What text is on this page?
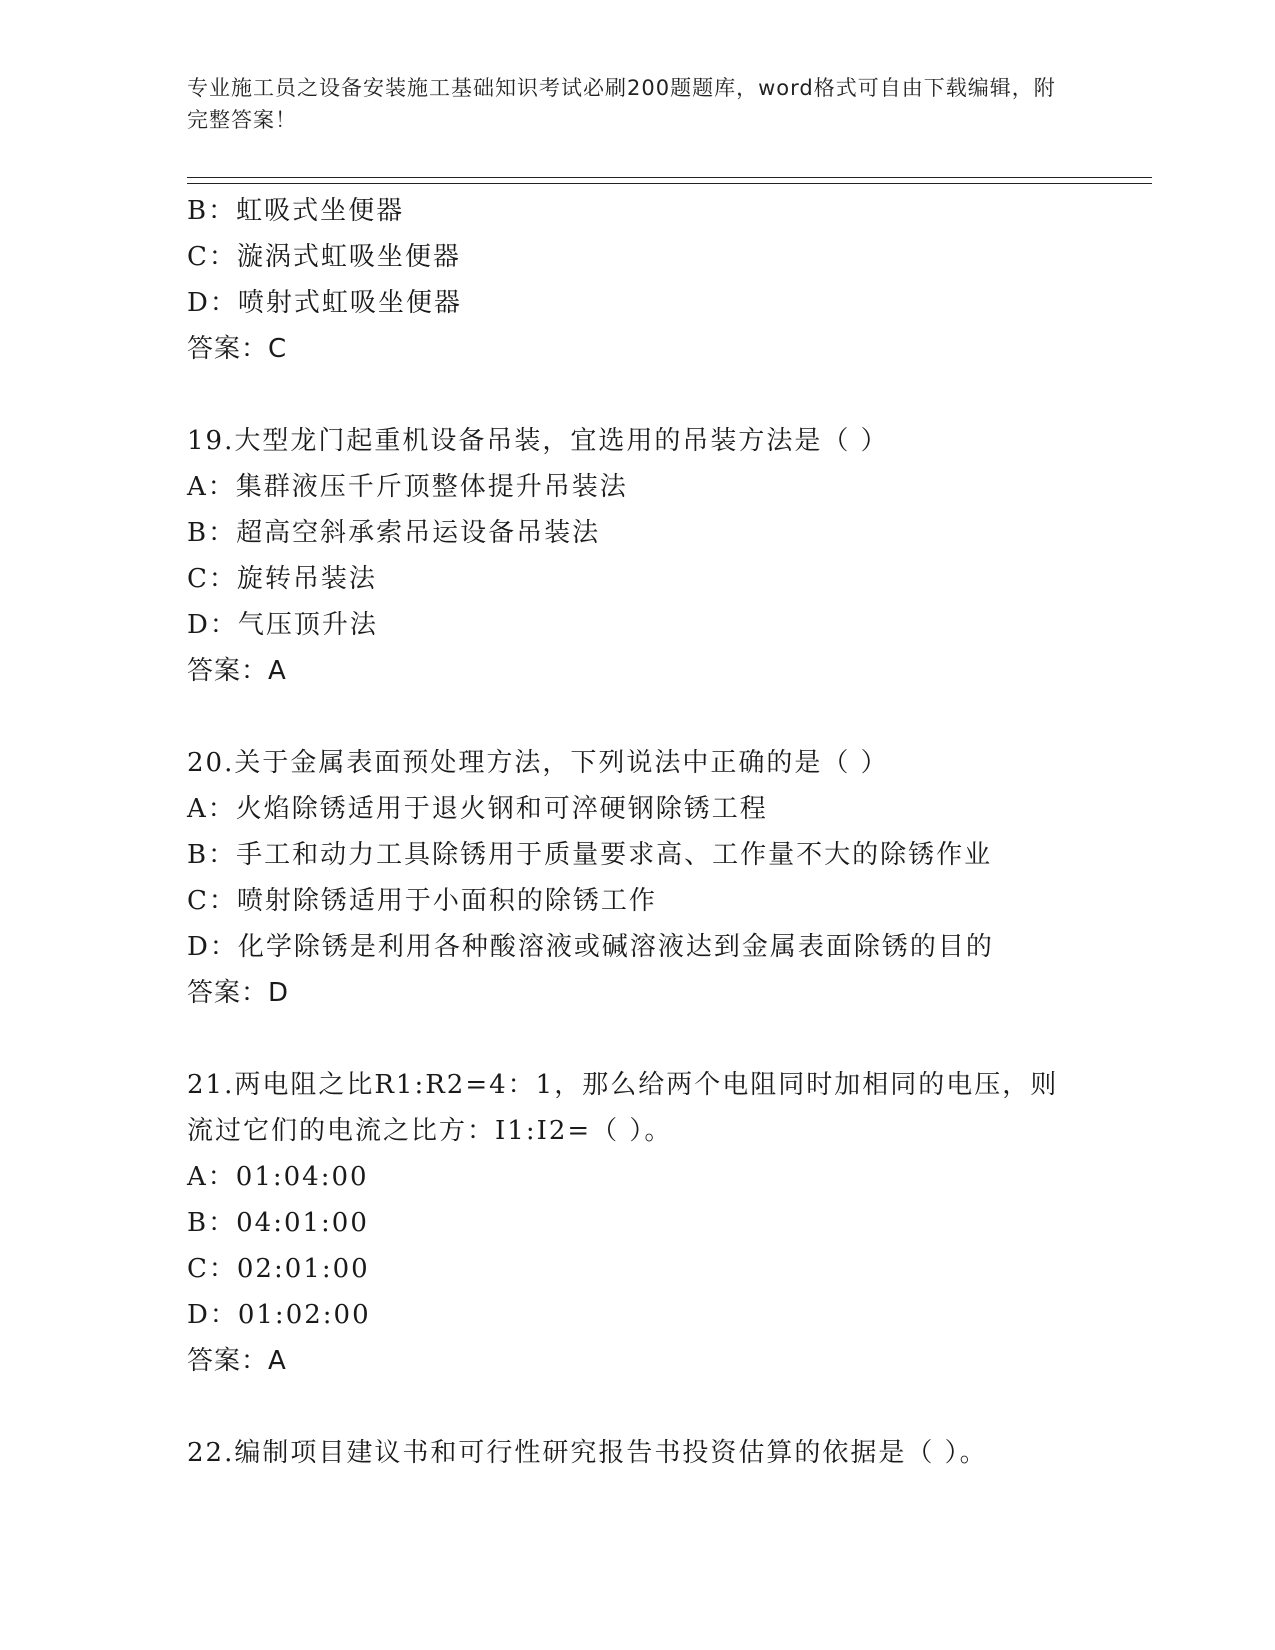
专业施工员之设备安装施工基础知识考试必刷200题题库，word格式可自由下载编辑，附完整答案！
B：虹吸式坐便器
C：漩涡式虹吸坐便器
D：喷射式虹吸坐便器
答案：C
19.大型龙门起重机设备吊装，宜选用的吊装方法是（ ）
A：集群液压千斤顶整体提升吊装法
B：超高空斜承索吊运设备吊装法
C：旋转吊装法
D：气压顶升法
答案：A
20.关于金属表面预处理方法，下列说法中正确的是（ ）
A：火焰除锈适用于退火钢和可淬硬钢除锈工程
B：手工和动力工具除锈用于质量要求高、工作量不大的除锈作业
C：喷射除锈适用于小面积的除锈工作
D：化学除锈是利用各种酸溶液或碱溶液达到金属表面除锈的目的
答案：D
21.两电阻之比R1:R2=4：1，那么给两个电阻同时加相同的电压，则流过它们的电流之比方：I1:I2=（ ）。
A：01:04:00
B：04:01:00
C：02:01:00
D：01:02:00
答案：A
22.编制项目建议书和可行性研究报告书投资估算的依据是（ ）。
